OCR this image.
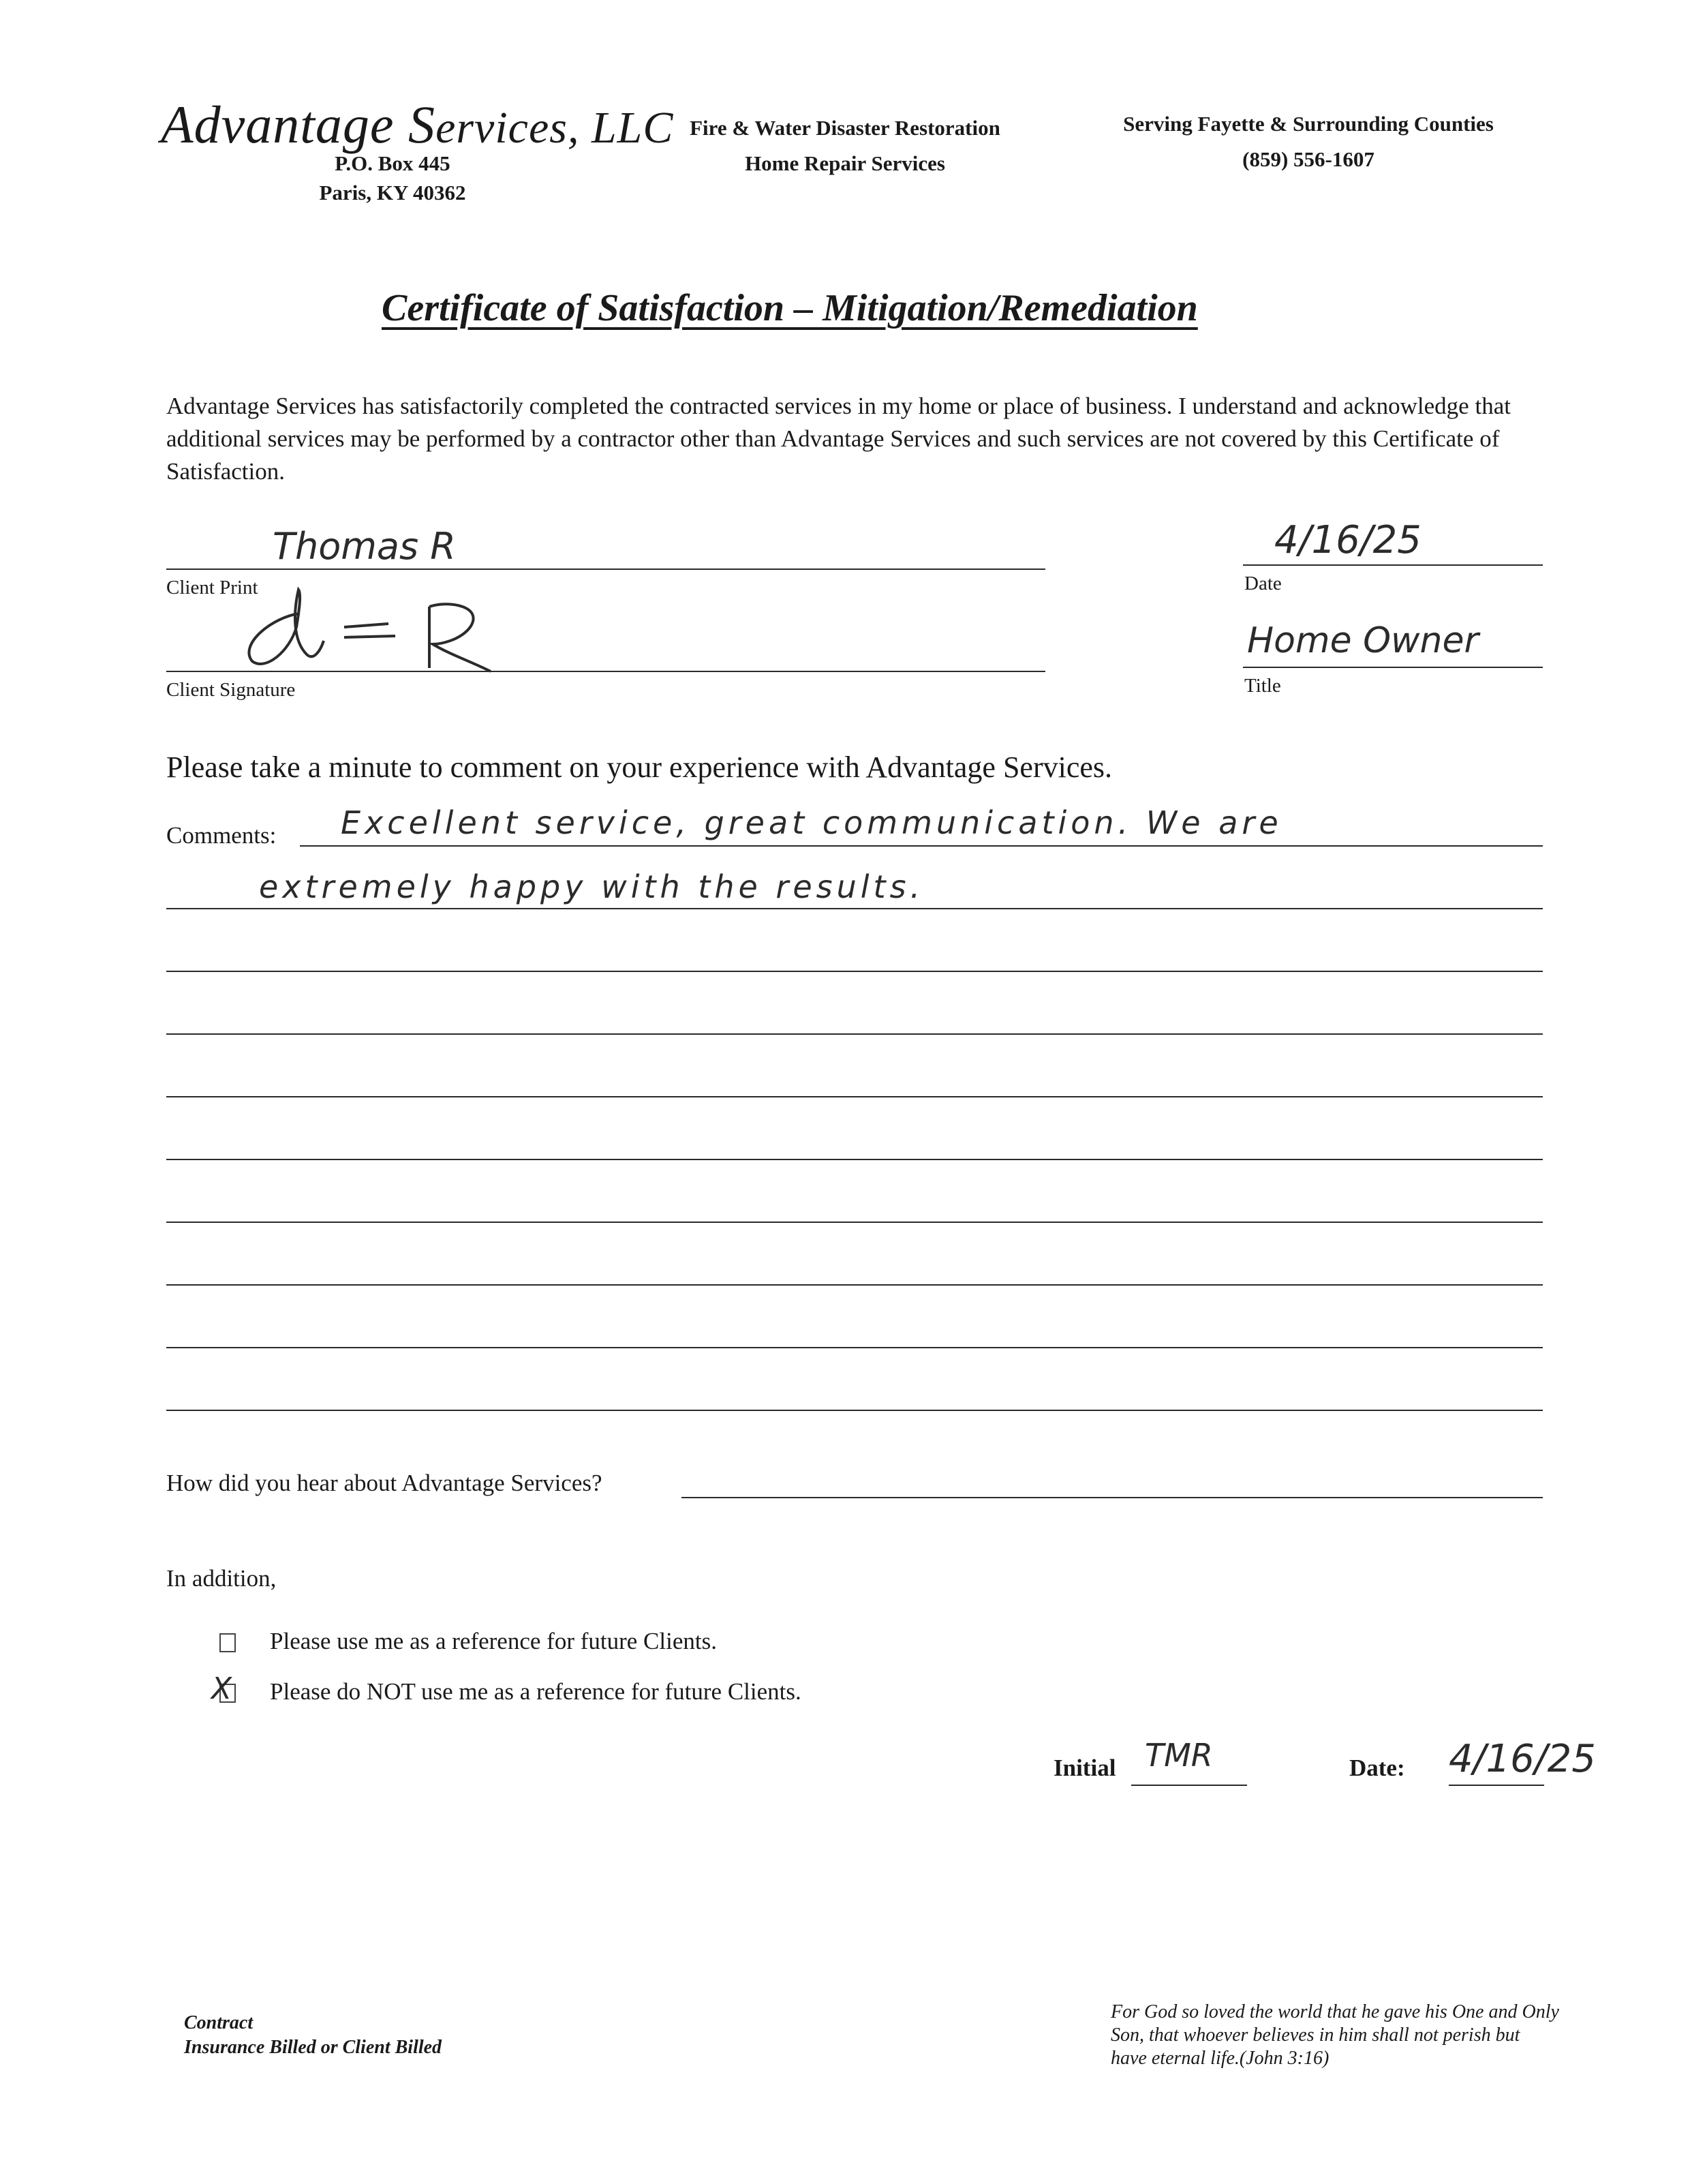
Advantage Services, LLC
P.O. Box 445
Paris, KY 40362
Fire & Water Disaster Restoration
Home Repair Services
Serving Fayette & Surrounding Counties
(859) 556-1607
Certificate of Satisfaction – Mitigation/Remediation
Advantage Services has satisfactorily completed the contracted services in my home or place of business. I understand and acknowledge that additional services may be performed by a contractor other than Advantage Services and such services are not covered by this Certificate of Satisfaction.
Thomas R
Client Print
Client Signature
4/16/25
Date
Home Owner
Title
Please take a minute to comment on your experience with Advantage Services.
Comments: Excellent service, great communication. We are
extremely happy with the results.
How did you hear about Advantage Services?
In addition,
Please use me as a reference for future Clients.
X Please do NOT use me as a reference for future Clients.
Initial TMR	Date: 4/16/25
Contract
Insurance Billed or Client Billed
For God so loved the world that he gave his One and Only Son, that whoever believes in him shall not perish but have eternal life.(John 3:16)
